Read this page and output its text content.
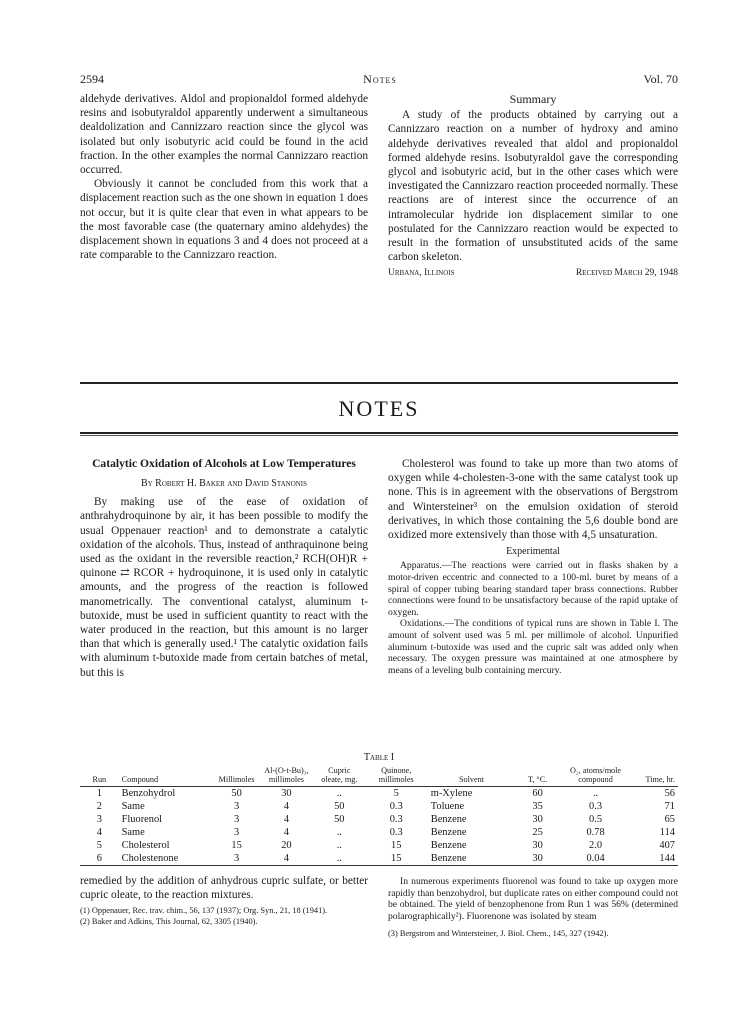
2594	Notes	Vol. 70

aldehyde derivatives. Aldol and propionaldol formed aldehyde resins and isobutyraldol apparently underwent a simultaneous dealdolization and Cannizzaro reaction since the glycol was isolated but only isobutyric acid could be found in the acid fraction. In the other examples the normal Cannizzaro reaction occurred.

Obviously it cannot be concluded from this work that a displacement reaction such as the one shown in equation 1 does not occur, but it is quite clear that even in what appears to be the most favorable case (the quaternary amino aldehydes) the displacement shown in equations 3 and 4 does not proceed at a rate comparable to the Cannizzaro reaction.

Summary

A study of the products obtained by carrying out a Cannizzaro reaction on a number of hydroxy and amino aldehyde derivatives revealed that aldol and propionaldol formed aldehyde resins. Isobutyraldol gave the corresponding glycol and isobutyric acid, but in the other cases which were investigated the Cannizzaro reaction proceeded normally. These reactions are of interest since the occurrence of an intramolecular hydride ion displacement similar to one postulated for the Cannizzaro reaction would be expected to result in the formation of unsubstituted acids of the same carbon skeleton.

Urbana, Illinois	Received March 29, 1948
NOTES
Catalytic Oxidation of Alcohols at Low Temperatures
By Robert H. Baker and David Stanonis

By making use of the ease of oxidation of anthrahydroquinone by air, it has been possible to modify the usual Oppenauer reaction¹ and to demonstrate a catalytic oxidation of the alcohols. Thus, instead of anthraquinone being used as the oxidant in the reversible reaction,² RCH(OH)R + quinone ⇄ RCOR + hydroquinone, it is used only in catalytic amounts, and the progress of the reaction is followed manometrically. The conventional catalyst, aluminum t-butoxide, must be used in sufficient quantity to react with the water produced in the reaction, but this amount is no larger than that which is generally used.¹ The catalytic oxidation fails with aluminum t-butoxide made from certain batches of metal, but this is

Cholesterol was found to take up more than two atoms of oxygen while 4-cholesten-3-one with the same catalyst took up none. This is in agreement with the observations of Bergstrom and Wintersteiner³ on the emulsion oxidation of steroid derivatives, in which those containing the 5,6 double bond are oxidized more extensively than those with 4,5 unsaturation.

Experimental

Apparatus.—The reactions were carried out in flasks shaken by a motor-driven eccentric and connected to a 100-ml. buret by means of a spiral of copper tubing bearing standard taper brass connections. Rubber connections were found to be unsatisfactory because of the rapid uptake of oxygen.

Oxidations.—The conditions of typical runs are shown in Table I. The amount of solvent used was 5 ml. per millimole of alcohol. Unpurified aluminum t-butoxide was used and the cupric salt was added only when necessary. The oxygen pressure was maintained at one atmosphere by means of a leveling bulb containing mercury.

Table I
Run	Compound	Millimoles	Al-(O-t-Bu)₃, millimoles	Cupric oleate, mg.	Quinone, millimoles	Solvent	T, °C.	O₂, atoms/mole compound	Time, hr.
1	Benzohydrol	50	30	..	5	m-Xylene	60	..	56
2	Same	3	4	50	0.3	Toluene	35	0.3	71
3	Fluorenol	3	4	50	0.3	Benzene	30	0.5	65
4	Same	3	4	..	0.3	Benzene	25	0.78	114
5	Cholesterol	15	20	..	15	Benzene	30	2.0	407
6	Cholestenone	3	4	..	15	Benzene	30	0.04	144

remedied by the addition of anhydrous cupric sulfate, or better cupric oleate, to the reaction mixtures.

(1) Oppenauer, Rec. trav. chim., 56, 137 (1937); Org. Syn., 21, 18 (1941).
(2) Baker and Adkins, This Journal, 62, 3305 (1940).

In numerous experiments fluorenol was found to take up oxygen more rapidly than benzohydrol, but duplicate rates on either compound could not be obtained. The yield of benzophenone from Run 1 was 56% (determined polarographically²). Fluorenone was isolated by steam

(3) Bergstrom and Wintersteiner, J. Biol. Chem., 145, 327 (1942).
